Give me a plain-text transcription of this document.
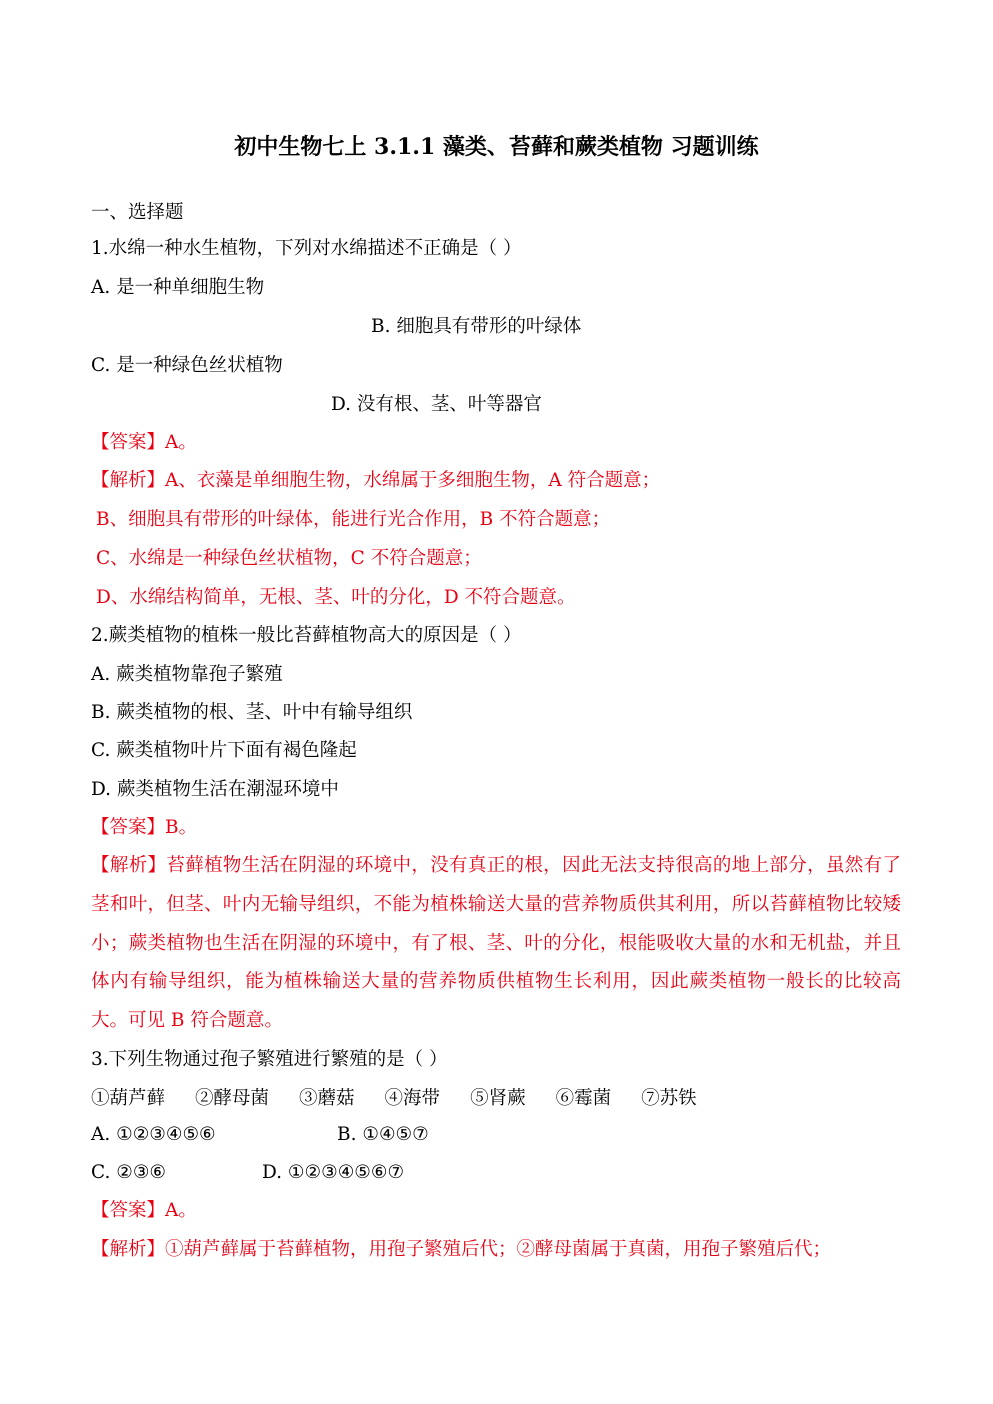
初中生物七上 3.1.1 藻类、苔藓和蕨类植物 习题训练
一、选择题
1.水绵一种水生植物，下列对水绵描述不正确是（ ）
A. 是一种单细胞生物
B. 细胞具有带形的叶绿体
C. 是一种绿色丝状植物
D. 没有根、茎、叶等器官
【答案】A。
【解析】A、衣藻是单细胞生物，水绵属于多细胞生物，A 符合题意；
B、细胞具有带形的叶绿体，能进行光合作用，B 不符合题意；
C、水绵是一种绿色丝状植物，C 不符合题意；
D、水绵结构简单，无根、茎、叶的分化，D 不符合题意。
2.蕨类植物的植株一般比苔藓植物高大的原因是（ ）
A. 蕨类植物靠孢子繁殖
B. 蕨类植物的根、茎、叶中有输导组织
C. 蕨类植物叶片下面有褐色隆起
D. 蕨类植物生活在潮湿环境中
【答案】B。
【解析】苔藓植物生活在阴湿的环境中，没有真正的根，因此无法支持很高的地上部分，虽然有了茎和叶，但茎、叶内无输导组织，不能为植株输送大量的营养物质供其利用，所以苔藓植物比较矮小；蕨类植物也生活在阴湿的环境中，有了根、茎、叶的分化，根能吸收大量的水和无机盐，并且体内有输导组织，能为植株输送大量的营养物质供植物生长利用，因此蕨类植物一般长的比较高大。可见 B 符合题意。
3.下列生物通过孢子繁殖进行繁殖的是（ ）
①葫芦藓 ②酵母菌 ③蘑菇 ④海带 ⑤肾蕨 ⑥霉菌 ⑦苏铁
A. ①②③④⑤⑥	B. ①④⑤⑦
C. ②③⑥	D. ①②③④⑤⑥⑦
【答案】A。
【解析】①葫芦藓属于苔藓植物，用孢子繁殖后代；②酵母菌属于真菌，用孢子繁殖后代；
